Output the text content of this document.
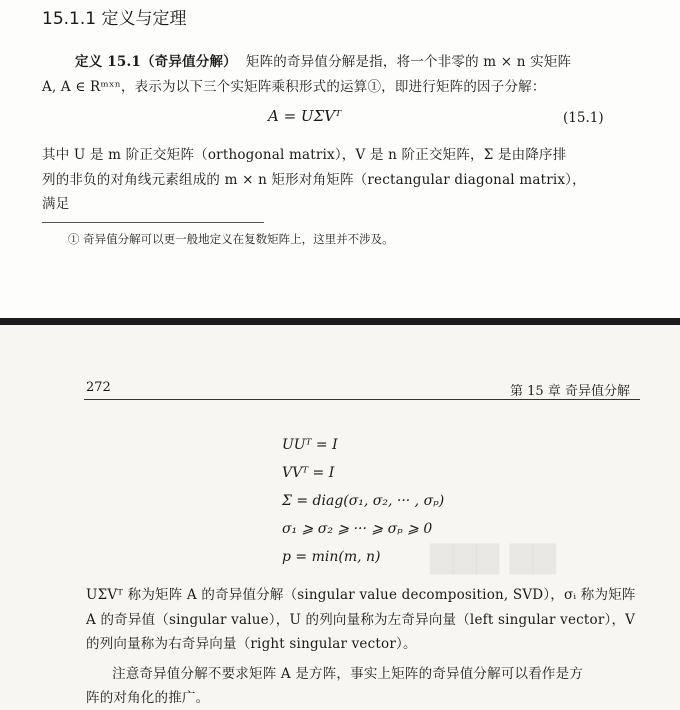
15.1.1 定义与定理
定义 15.1（奇异值分解） 矩阵的奇异值分解是指，将一个非零的 m × n 实矩阵
A, A ∈ Rᵐˣⁿ，表示为以下三个实矩阵乘积形式的运算①，即进行矩阵的因子分解：
A = UΣVᵀ	(15.1)
其中 U 是 m 阶正交矩阵（orthogonal matrix），V 是 n 阶正交矩阵，Σ 是由降序排
列的非负的对角线元素组成的 m × n 矩形对角矩阵（rectangular diagonal matrix），
满足
① 奇异值分解可以更一般地定义在复数矩阵上，这里并不涉及。
▇▇▇ ▇▇
272	第 15 章 奇异值分解
UUᵀ = I
VVᵀ = I
Σ = diag(σ₁, σ₂, ··· , σₚ)
σ₁ ⩾ σ₂ ⩾ ··· ⩾ σₚ ⩾ 0
p = min(m, n)
UΣVᵀ 称为矩阵 A 的奇异值分解（singular value decomposition, SVD），σᵢ 称为矩阵
A 的奇异值（singular value），U 的列向量称为左奇异向量（left singular vector），V
的列向量称为右奇异向量（right singular vector）。
注意奇异值分解不要求矩阵 A 是方阵，事实上矩阵的奇异值分解可以看作是方
阵的对角化的推广。
